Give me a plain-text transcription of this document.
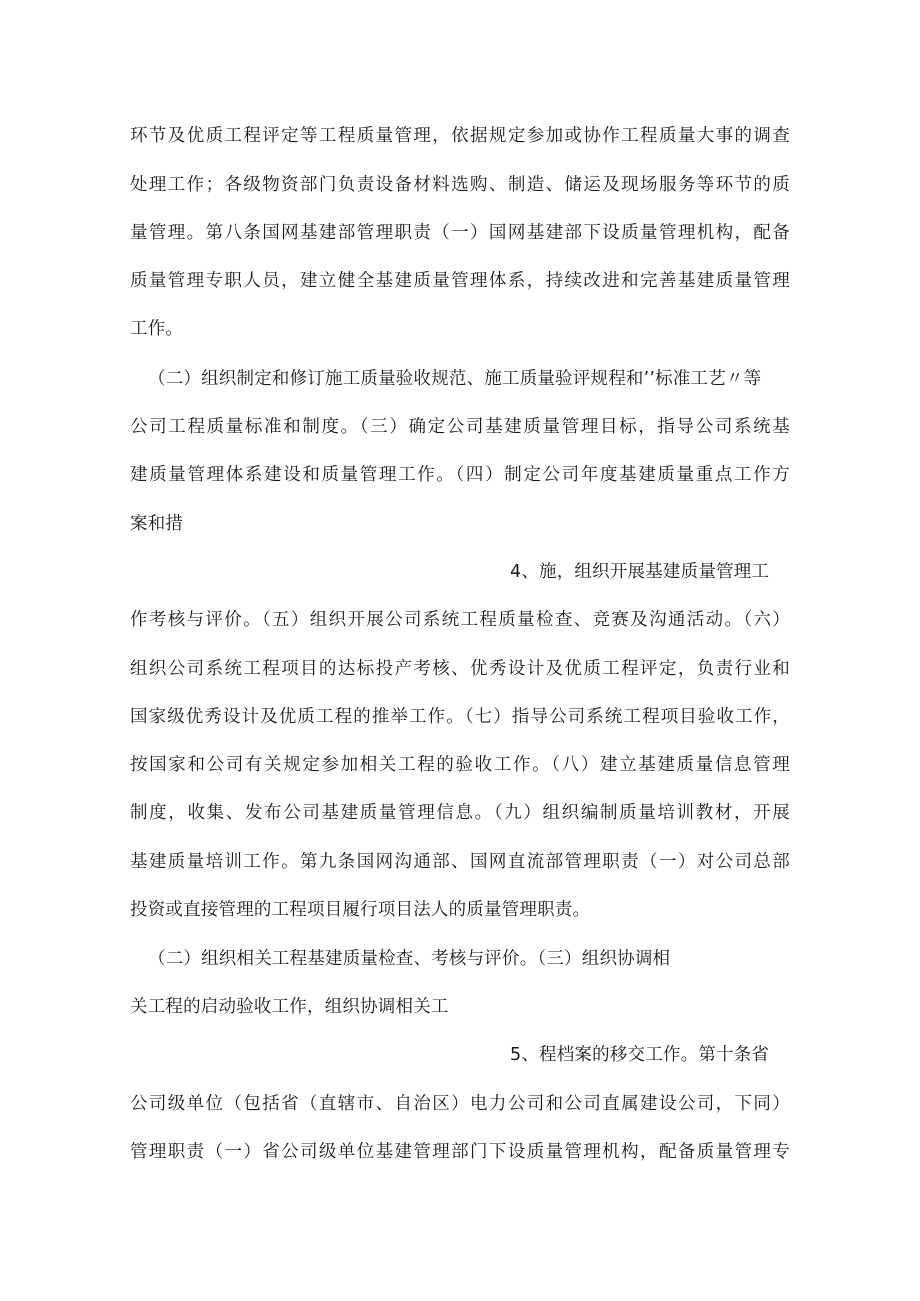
环节及优质工程评定等工程质量管理，依据规定参加或协作工程质量大事的调查
处理工作；各级物资部门负责设备材料选购、制造、储运及现场服务等环节的质
量管理。第八条国网基建部管理职责（一）国网基建部下设质量管理机构，配备
质量管理专职人员，建立健全基建质量管理体系，持续改进和完善基建质量管理
工作。
（二）组织制定和修订施工质量验收规范、施工质量验评规程和’’标准工艺〃等
公司工程质量标准和制度。（三）确定公司基建质量管理目标，指导公司系统基
建质量管理体系建设和质量管理工作。（四）制定公司年度基建质量重点工作方
案和措
4、施，组织开展基建质量管理工
作考核与评价。（五）组织开展公司系统工程质量检查、竞赛及沟通活动。（六）
组织公司系统工程项目的达标投产考核、优秀设计及优质工程评定，负责行业和
国家级优秀设计及优质工程的推举工作。（七）指导公司系统工程项目验收工作，
按国家和公司有关规定参加相关工程的验收工作。（八）建立基建质量信息管理
制度，收集、发布公司基建质量管理信息。（九）组织编制质量培训教材，开展
基建质量培训工作。第九条国网沟通部、国网直流部管理职责（一）对公司总部
投资或直接管理的工程项目履行项目法人的质量管理职责。
（二）组织相关工程基建质量检查、考核与评价。（三）组织协调相
关工程的启动验收工作，组织协调相关工
5、程档案的移交工作。第十条省
公司级单位（包括省（直辖市、自治区）电力公司和公司直属建设公司，下同）
管理职责（一）省公司级单位基建管理部门下设质量管理机构，配备质量管理专
